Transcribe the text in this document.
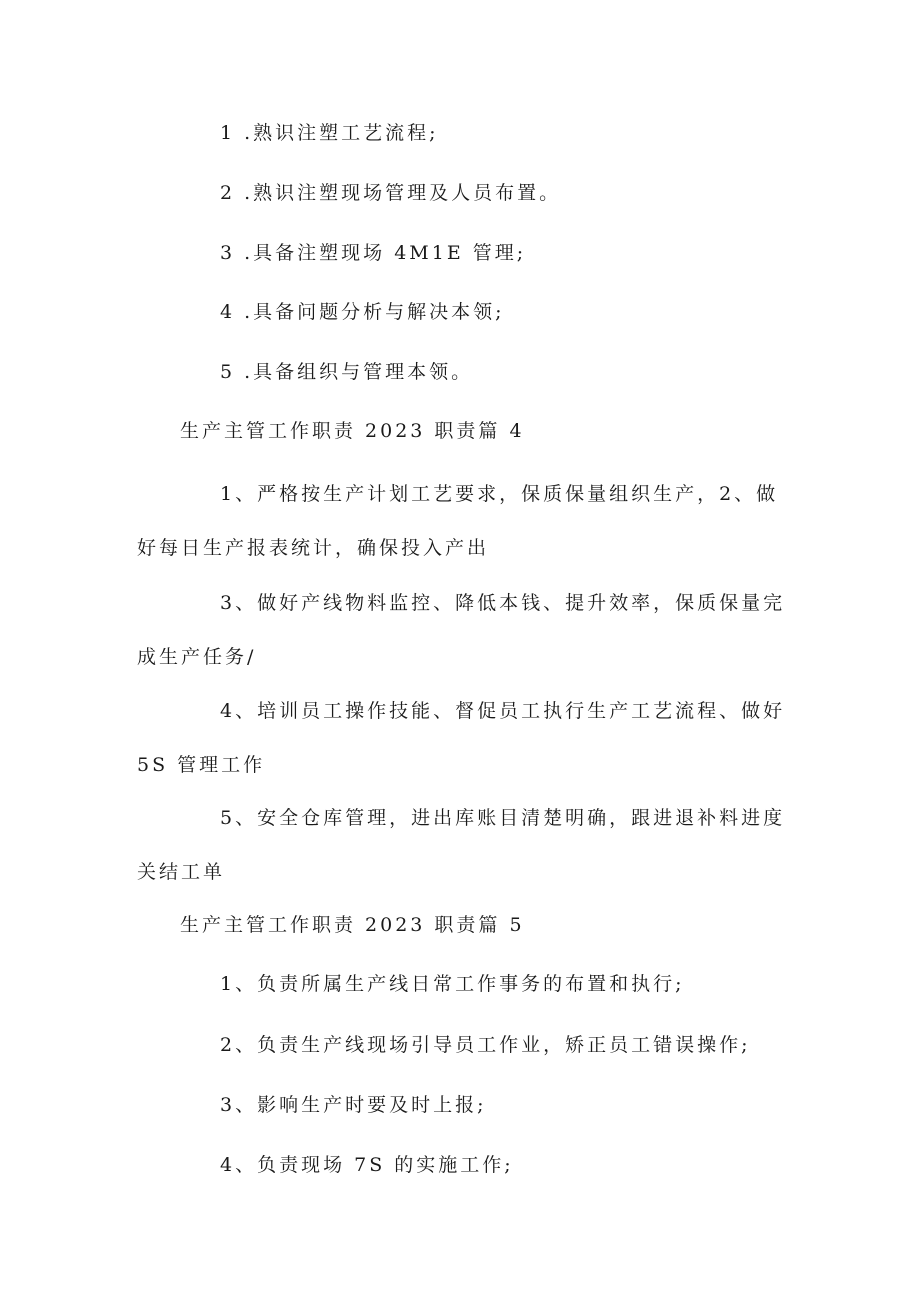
1 .熟识注塑工艺流程;
2 .熟识注塑现场管理及人员布置。
3 .具备注塑现场 4M1E 管理;
4 .具备问题分析与解决本领;
5 .具备组织与管理本领。
生产主管工作职责 2023 职责篇 4
1、严格按生产计划工艺要求，保质保量组织生产，2、做好每日生产报表统计，确保投入产出
3、做好产线物料监控、降低本钱、提升效率，保质保量完成生产任务/
4、培训员工操作技能、督促员工执行生产工艺流程、做好 5S 管理工作
5、安全仓库管理，进出库账目清楚明确，跟进退补料进度关结工单
生产主管工作职责 2023 职责篇 5
1、负责所属生产线日常工作事务的布置和执行;
2、负责生产线现场引导员工作业，矫正员工错误操作;
3、影响生产时要及时上报;
4、负责现场 7S 的实施工作;
